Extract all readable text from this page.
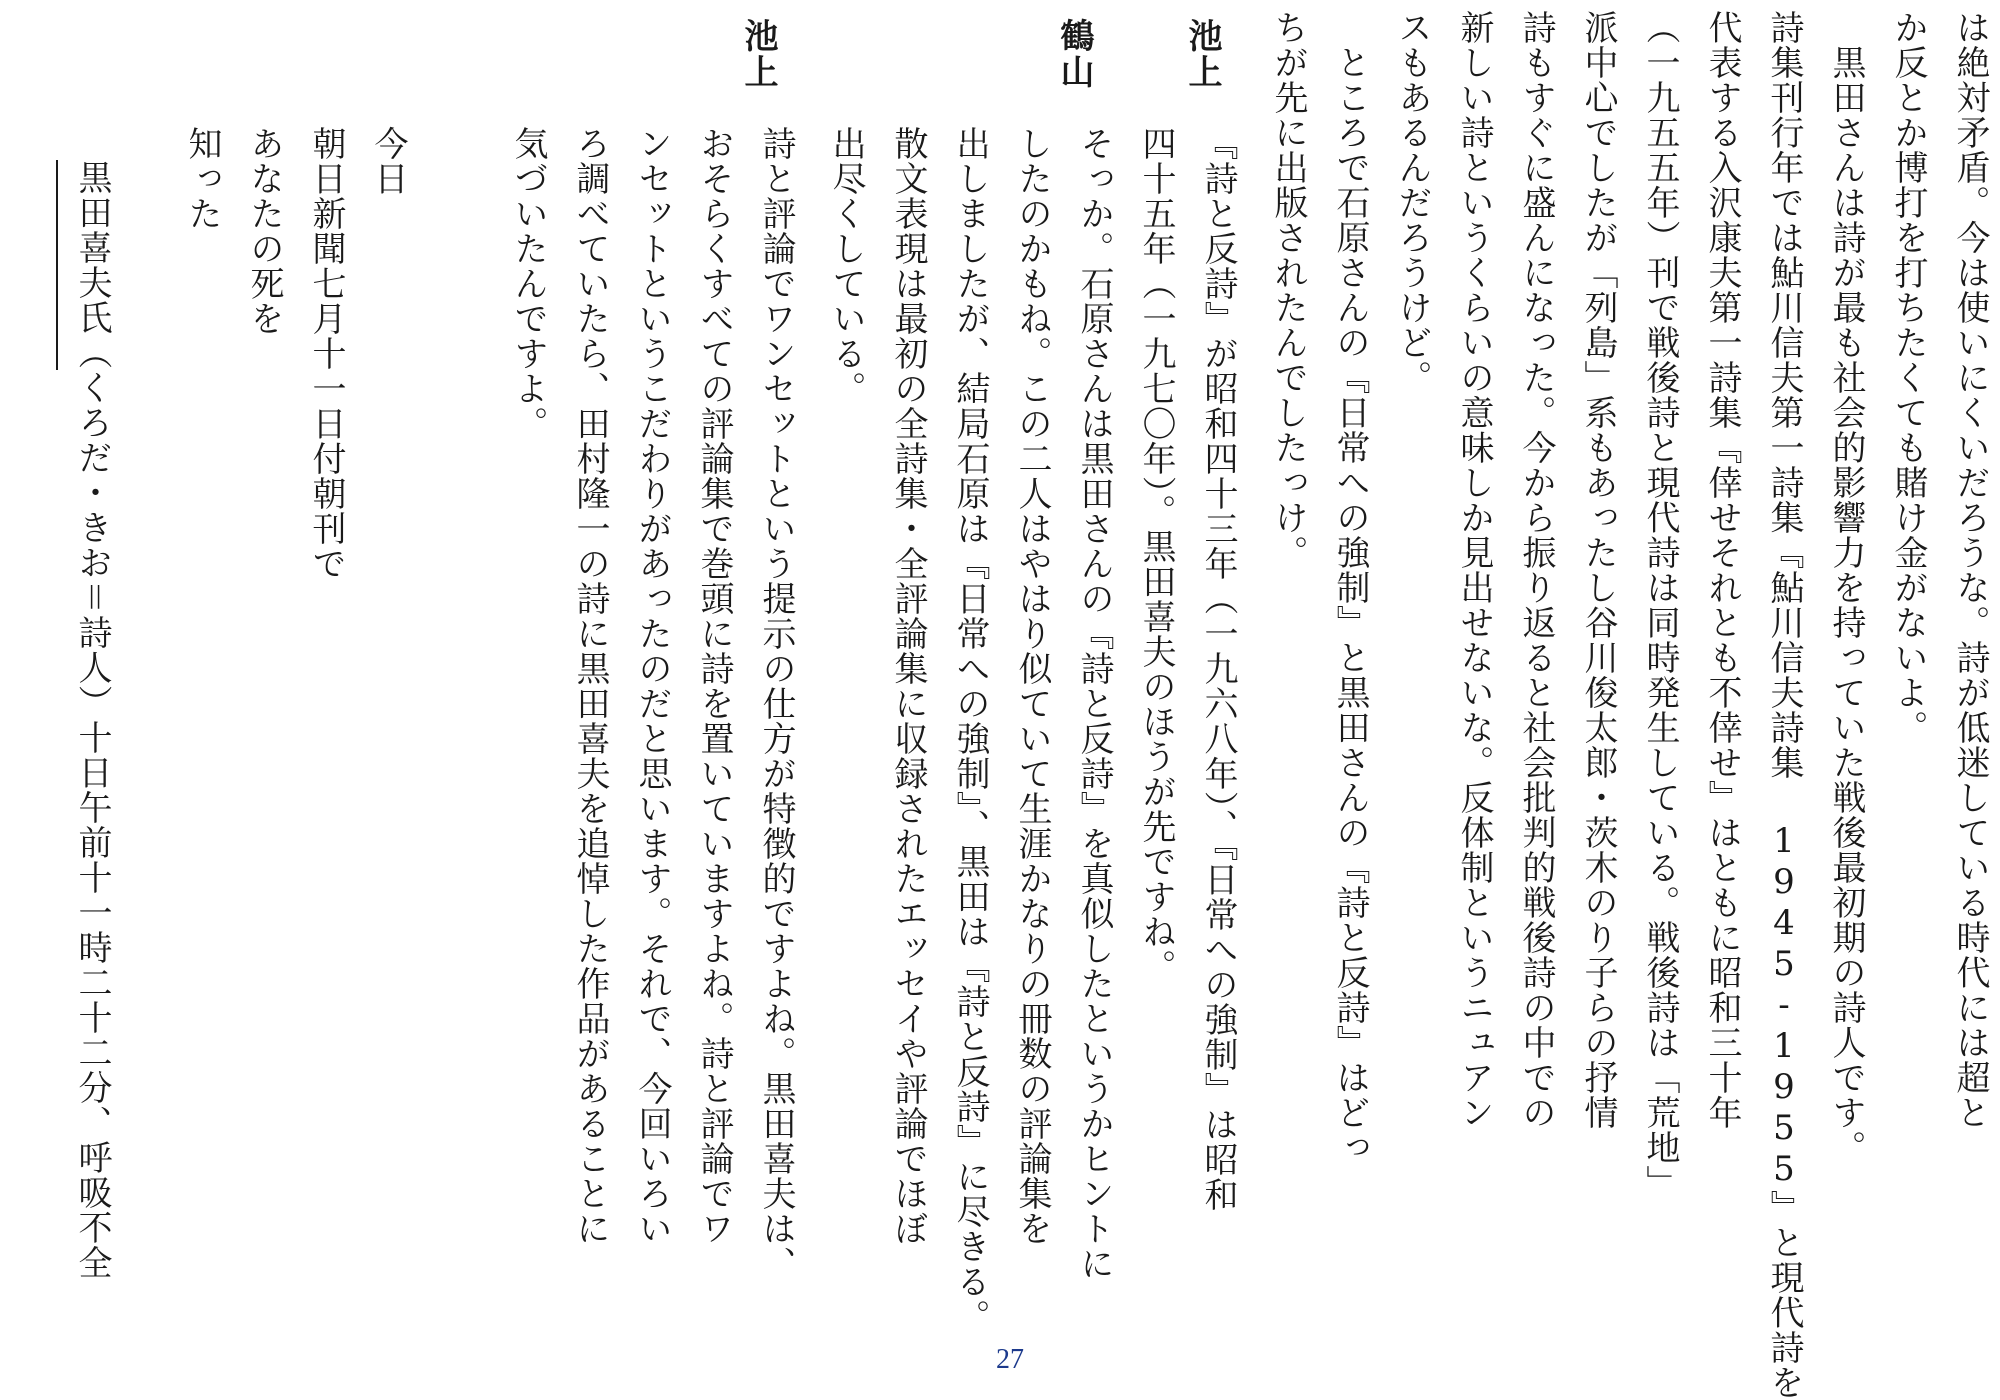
池上
鶴山
池上	は絶対矛盾。今は使いにくいだろうな。詩が低迷している時代には超と
か反とか博打を打ちたくても賭け金がないよ。
　黒田さんは詩が最も社会的影響力を持っていた戦後最初期の詩人です。
詩集刊行年では鮎川信夫第一詩集『鮎川信夫詩集 1945-1955』と現代詩を
代表する入沢康夫第一詩集『倖せそれとも不倖せ』はともに昭和三十年
（一九五五年）刊で戦後詩と現代詩は同時発生している。戦後詩は「荒地」
派中心でしたが「列島」系もあったし谷川俊太郎・茨木のり子らの抒情
詩もすぐに盛んになった。今から振り返ると社会批判的戦後詩の中での
新しい詩というくらいの意味しか見出せないな。反体制というニュアン
スもあるんだろうけど。
　ところで石原さんの『日常への強制』と黒田さんの『詩と反詩』はどっ
ちが先に出版されたんでしたっけ。
『詩と反詩』が昭和四十三年（一九六八年）、『日常への強制』は昭和
四十五年（一九七〇年）。黒田喜夫のほうが先ですね。
そっか。石原さんは黒田さんの『詩と反詩』を真似したというかヒントに
したのかもね。この二人はやはり似ていて生涯かなりの冊数の評論集を
出しましたが、結局石原は『日常への強制』、黒田は『詩と反詩』に尽きる。
散文表現は最初の全詩集・全評論集に収録されたエッセイや評論でほぼ
出尽くしている。
詩と評論でワンセットという提示の仕方が特徴的ですよね。黒田喜夫は、
おそらくすべての評論集で巻頭に詩を置いていますよね。詩と評論でワ
ンセットというこだわりがあったのだと思います。それで、今回いろい
ろ調べていたら、田村隆一の詩に黒田喜夫を追悼した作品があることに
気づいたんですよ。
今日
朝日新聞七月十一日付朝刊で
あなたの死を
知った
黒田喜夫氏（くろだ・きお＝詩人）十日午前十一時二十二分、呼吸不全
27
